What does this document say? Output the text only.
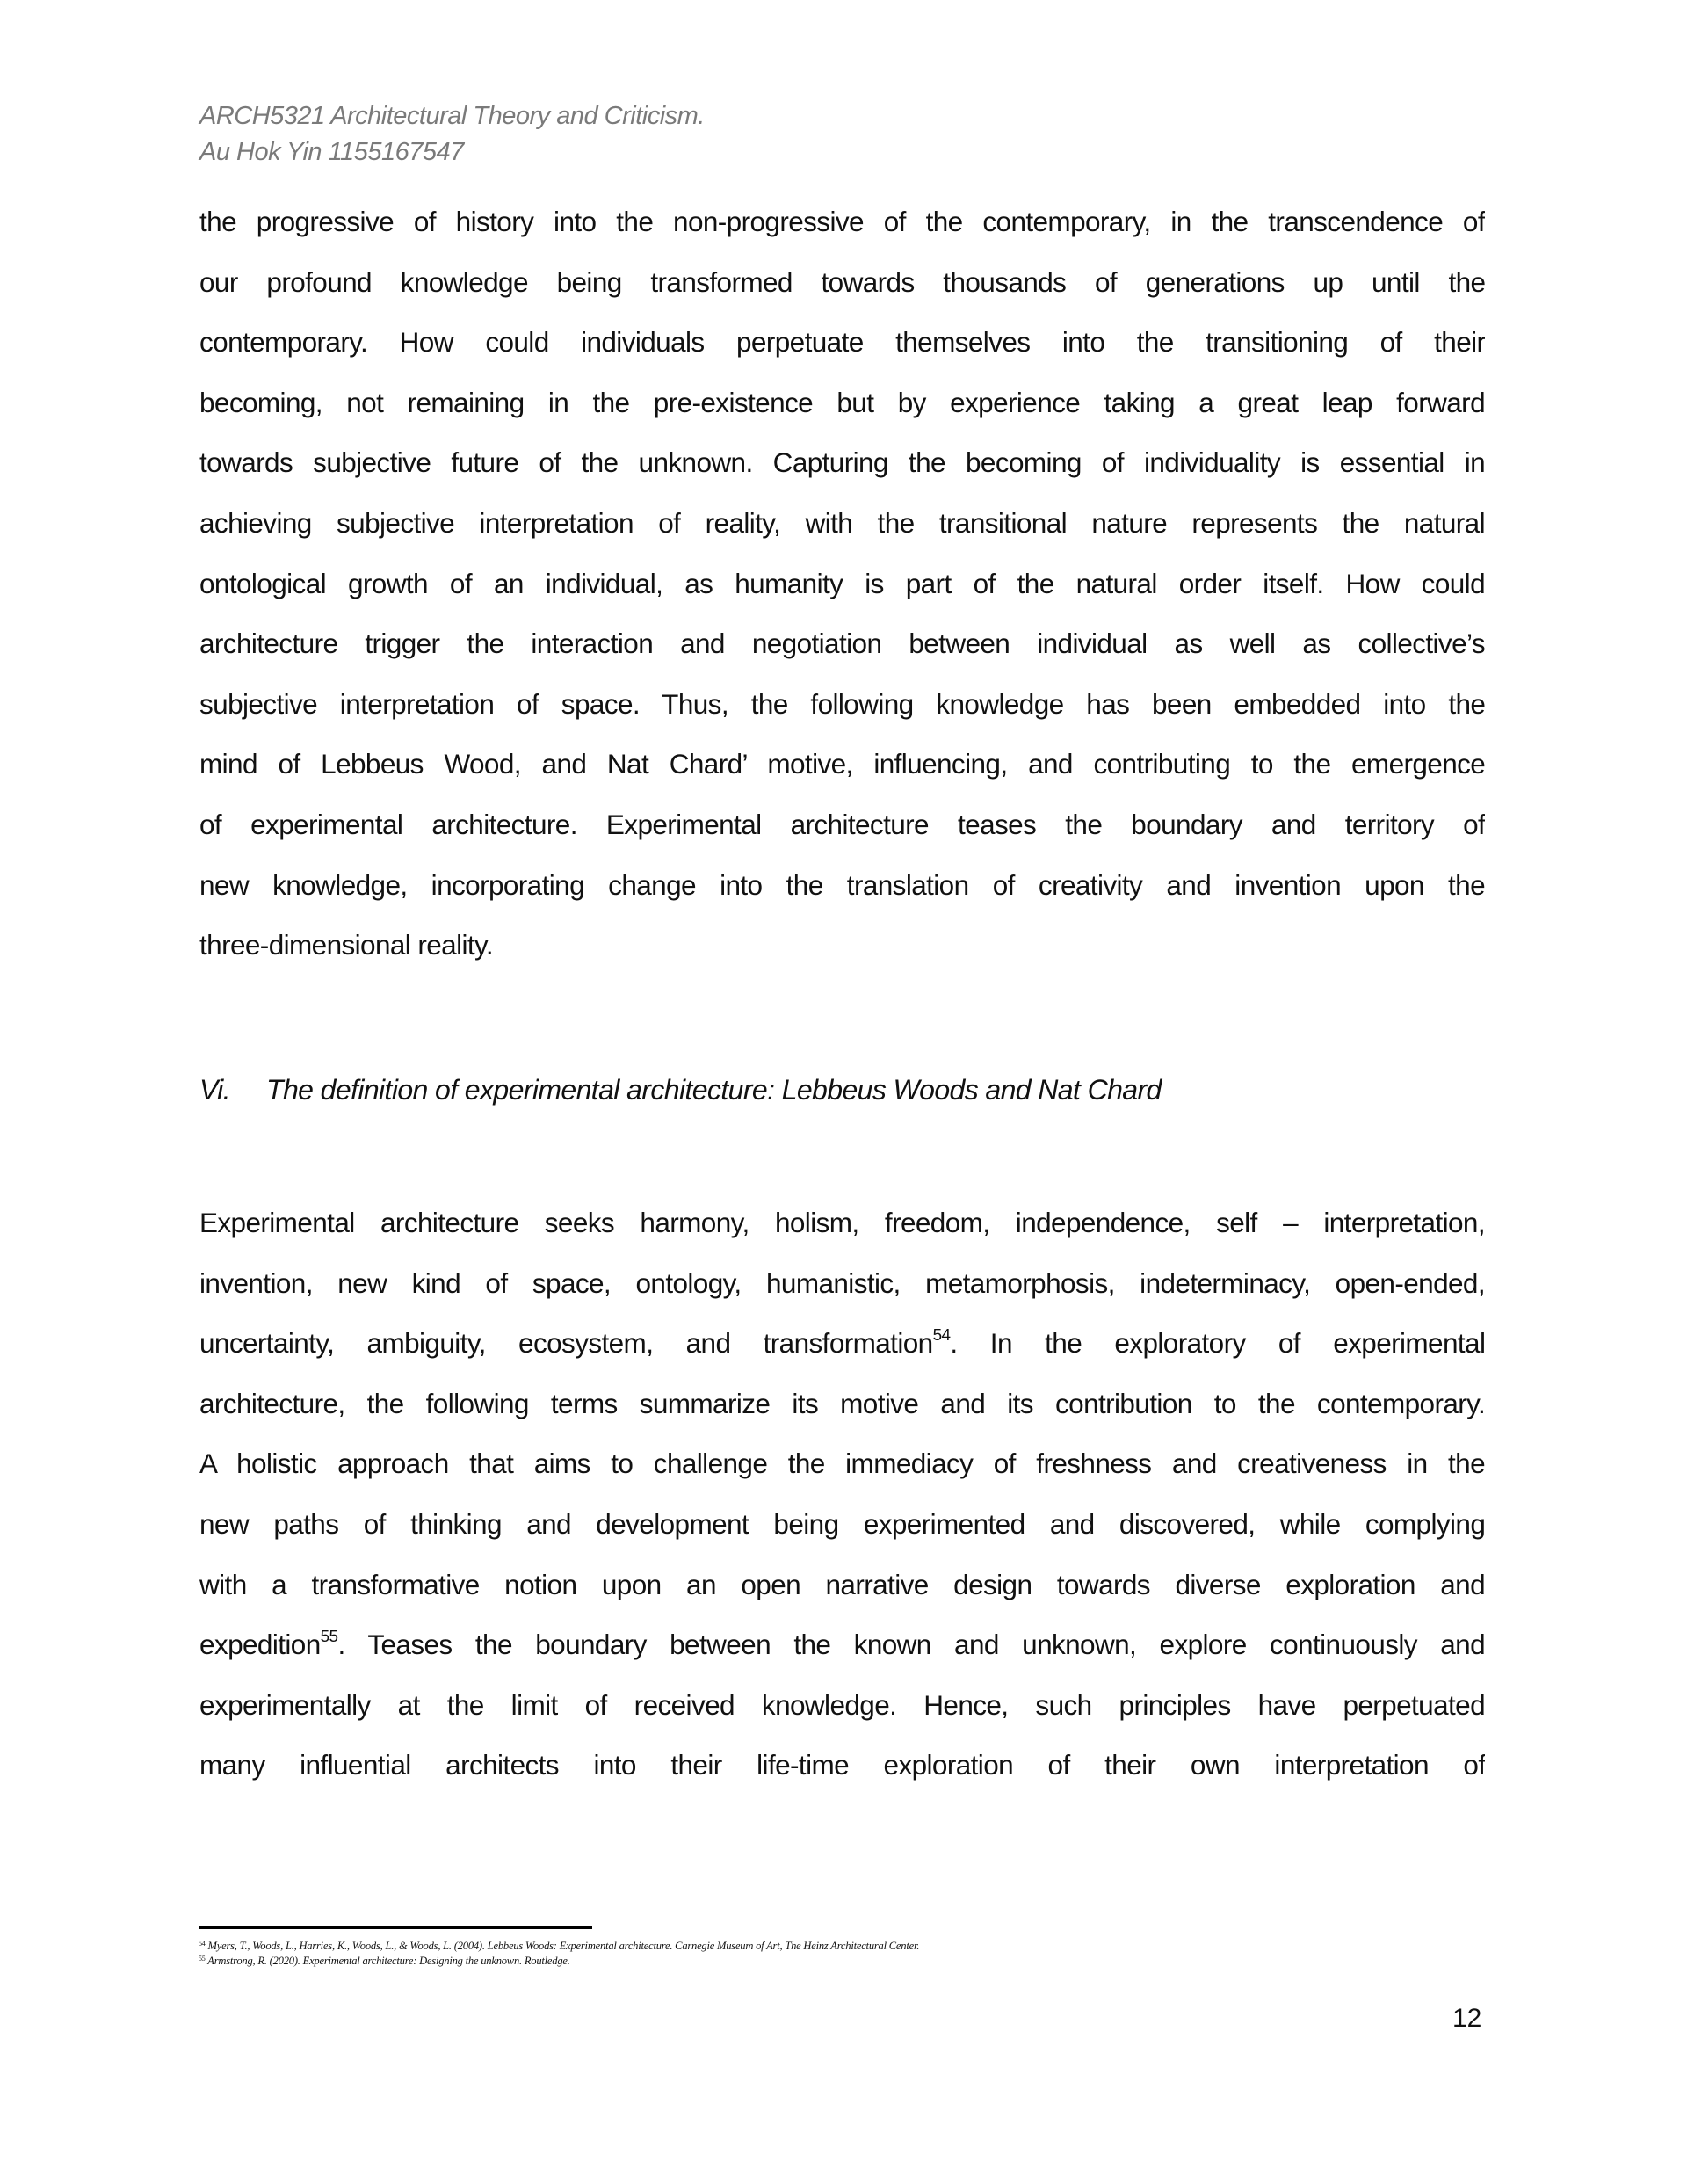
ARCH5321 Architectural Theory and Criticism.
Au Hok Yin 1155167547
the progressive of history into the non-progressive of the contemporary, in the transcendence of
our profound knowledge being transformed towards thousands of generations up until the
contemporary. How could individuals perpetuate themselves into the transitioning of their
becoming, not remaining in the pre-existence but by experience taking a great leap forward
towards subjective future of the unknown. Capturing the becoming of individuality is essential in
achieving subjective interpretation of reality, with the transitional nature represents the natural
ontological growth of an individual, as humanity is part of the natural order itself. How could
architecture trigger the interaction and negotiation between individual as well as collective’s
subjective interpretation of space. Thus, the following knowledge has been embedded into the
mind of Lebbeus Wood, and Nat Chard’ motive, influencing, and contributing to the emergence
of experimental architecture. Experimental architecture teases the boundary and territory of
new knowledge, incorporating change into the translation of creativity and invention upon the
three-dimensional reality.
Vi. The definition of experimental architecture: Lebbeus Woods and Nat Chard
Experimental architecture seeks harmony, holism, freedom, independence, self – interpretation,
invention, new kind of space, ontology, humanistic, metamorphosis, indeterminacy, open-ended,
uncertainty, ambiguity, ecosystem, and transformation$^{54}$. In the exploratory of experimental
architecture, the following terms summarize its motive and its contribution to the contemporary.
A holistic approach that aims to challenge the immediacy of freshness and creativeness in the
new paths of thinking and development being experimented and discovered, while complying
with a transformative notion upon an open narrative design towards diverse exploration and
expedition$^{55}$. Teases the boundary between the known and unknown, explore continuously and
experimentally at the limit of received knowledge. Hence, such principles have perpetuated
many influential architects into their life-time exploration of their own interpretation of
$^{54}$ Myers, T., Woods, L., Harries, K., Woods, L., & Woods, L. (2004). Lebbeus Woods: Experimental architecture. Carnegie Museum of Art, The Heinz Architectural Center.
$^{55}$ Armstrong, R. (2020). Experimental architecture: Designing the unknown. Routledge.
12
